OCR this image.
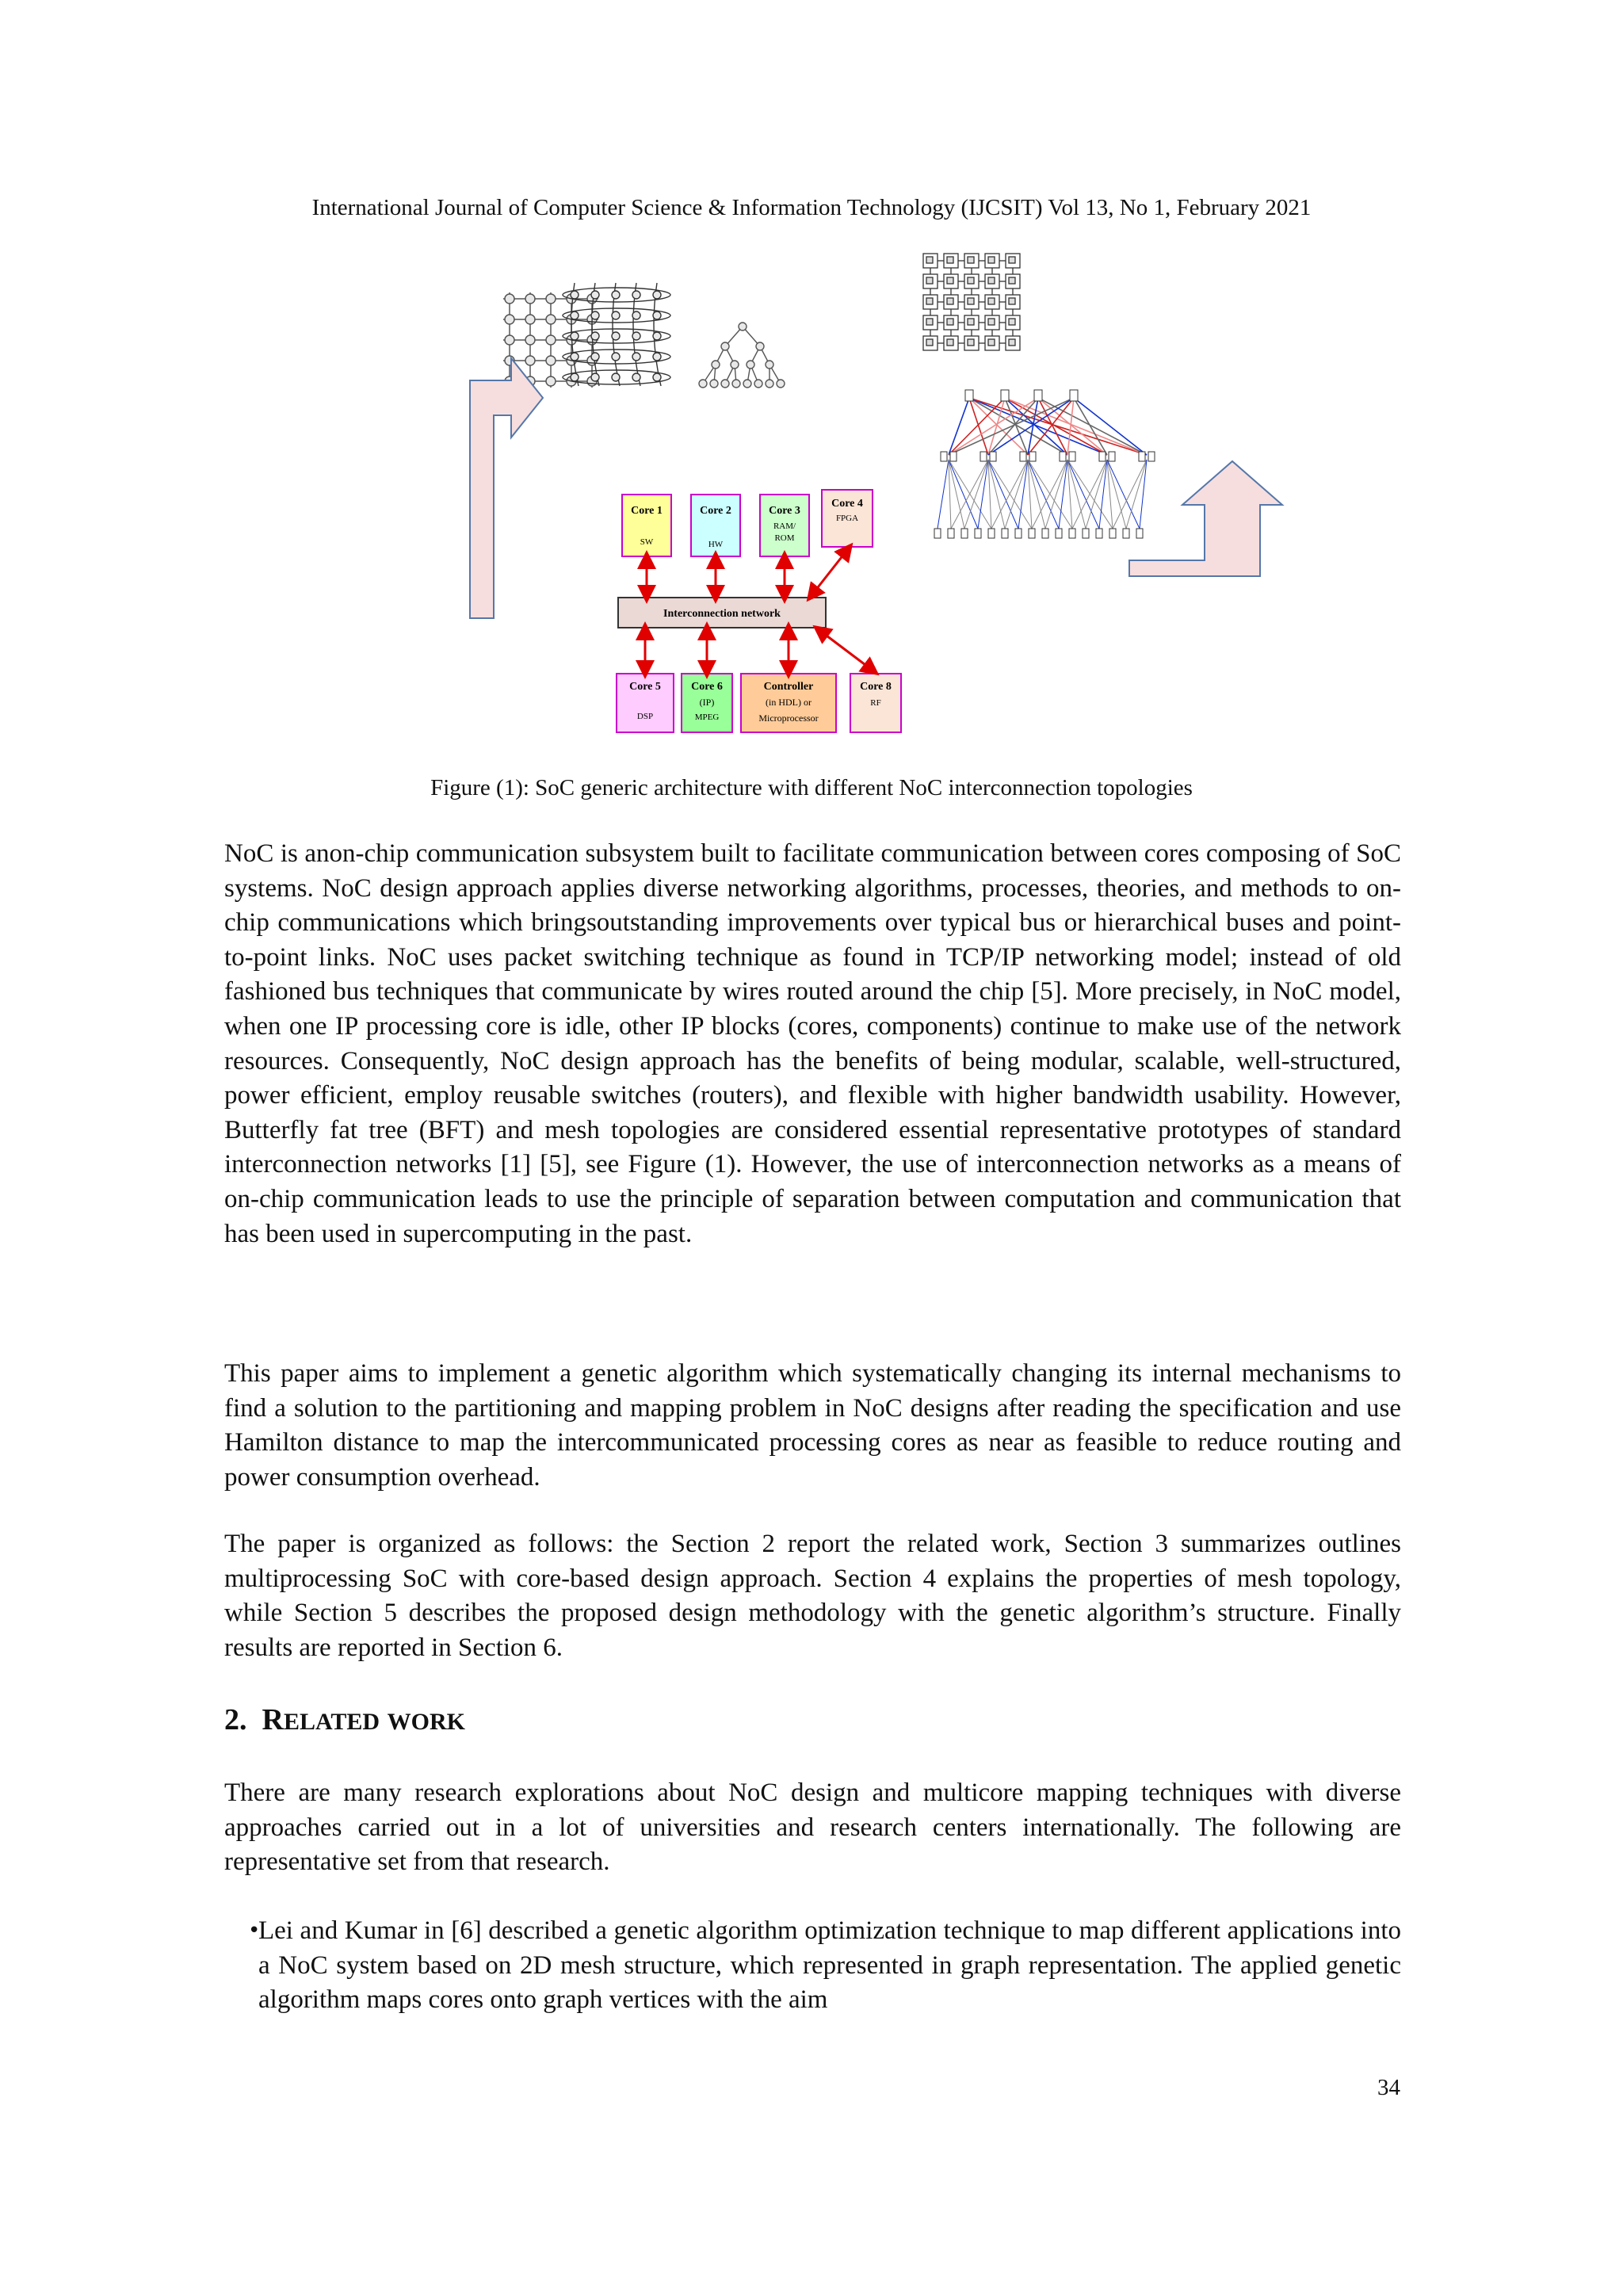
International Journal of Computer Science & Information Technology (IJCSIT) Vol 13, No 1, February 2021
Interconnection network
Core 1
SW
Core 2
HW
Core 3
RAM/
ROM
Core 4
FPGA
Core 5
DSP
Core 6
(IP)
MPEG
Controller
(in HDL) or
Microprocessor
Core 8
RF
Figure (1): SoC generic architecture with different NoC interconnection topologies

NoC is anon-chip communication subsystem built to facilitate communication between cores composing of SoC systems. NoC design approach applies diverse networking algorithms, processes, theories, and methods to on-chip communications which bringsoutstanding improvements over typical bus or hierarchical buses and point-to-point links. NoC uses packet switching technique as found in TCP/IP networking model; instead of old fashioned bus techniques that communicate by wires routed around the chip [5]. More precisely, in NoC model, when one IP processing core is idle, other IP blocks (cores, components) continue to make use of the network resources. Consequently, NoC design approach has the benefits of being modular, scalable, well-structured, power efficient, employ reusable switches (routers), and flexible with higher bandwidth usability. However, Butterfly fat tree (BFT) and mesh topologies are considered essential representative prototypes of standard interconnection networks [1] [5], see Figure (1). However, the use of interconnection networks as a means of on-chip communication leads to use the principle of separation between computation and communication that has been used in supercomputing in the past.

This paper aims to implement a genetic algorithm which systematically changing its internal mechanisms to find a solution to the partitioning and mapping problem in NoC designs after reading the specification and use Hamilton distance to map the intercommunicated processing cores as near as feasible to reduce routing and power consumption overhead.

The paper is organized as follows: the Section 2 report the related work, Section 3 summarizes outlines multiprocessing SoC with core-based design approach. Section 4 explains the properties of mesh topology, while Section 5 describes the proposed design methodology with the genetic algorithm’s structure. Finally results are reported in Section 6.

2. RELATED WORK

There are many research explorations about NoC design and multicore mapping techniques with diverse approaches carried out in a lot of universities and research centers internationally. The following are representative set from that research.

•
Lei and Kumar in [6] described a genetic algorithm optimization technique to map different applications into a NoC system based on 2D mesh structure, which represented in graph representation. The applied genetic algorithm maps cores onto graph vertices with the aim
34
